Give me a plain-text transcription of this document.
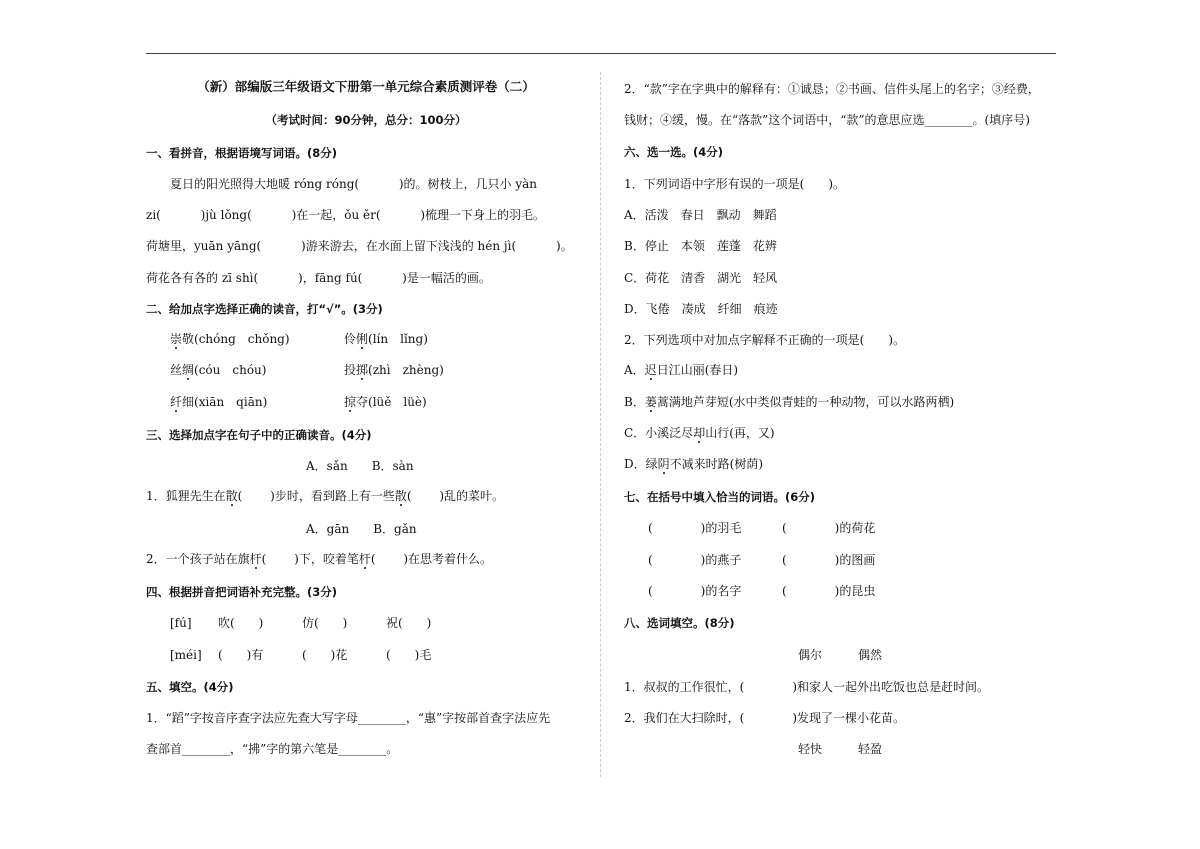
（新）部编版三年级语文下册第一单元综合素质测评卷（二）
（考试时间：90分钟，总分：100分）
一、看拼音，根据语境写词语。(8分)
夏日的阳光照得大地暖 róng róng(　　　 )的。树枝上，几只小 yàn
zi(　　　 )jù lǒng(　　　 )在一起，ǒu ěr(　　　 )梳理一下身上的羽毛。
荷塘里，yuān yāng(　　　 )游来游去，在水面上留下浅浅的 hén jì(　　　 )。
荷花各有各的 zī shì(　　　 )，fāng fú(　　　 )是一幅活的画。
二、给加点字选择正确的读音，打“√”。(3分)
崇敬(chóng　chǒng)	伶俐(lín　lǐng)
丝绸(cóu　chóu)	投掷(zhì　zhèng)
纤细(xiān　qiān)	掠夺(lüě　lüè)
三、选择加点字在句子中的正确读音。(4分)
A．sǎn　　B．sàn
1．狐狸先生在散(　　 )步时，看到路上有一些散(　　 )乱的菜叶。
A．gān　　B．gǎn
2．一个孩子站在旗杆(　　 )下，咬着笔杆(　　 )在思考着什么。
四、根据拼音把词语补充完整。(3分)
[fú] 吹(　　)	仿(　　)	祝(　　)
[méi] (　　)有	(　　)花	(　　)毛
五、填空。(4分)
1．“蹈”字按音序查字法应先查大写字母________，“惠”字按部首查字法应先
查部首________，“拂”字的第六笔是________。
2．“款”字在字典中的解释有：①诚恳；②书画、信件头尾上的名字；③经费，
钱财；④缓，慢。在“落款”这个词语中，“款”的意思应选________。(填序号)
六、选一选。(4分)
1．下列词语中字形有误的一项是(　　)。
A．活泼　春日　飘动　舞蹈
B．停止　本领　莲蓬　花辨
C．荷花　清香　湖光　轻风
D．飞倦　凑成　纤细　痕迹
2．下列选项中对加点字解释不正确的一项是(　　)。
A．迟日江山丽(春日)
B．蒌蒿满地芦芽短(水中类似青蛙的一种动物，可以水路两栖)
C．小溪泛尽却山行(再，又)
D．绿阴不减来时路(树荫)
七、在括号中填入恰当的词语。(6分)
(　　　　)的羽毛	(　　　　)的荷花
(　　　　)的燕子	(　　　　)的图画
(　　　　)的名字	(　　　　)的昆虫
八、选词填空。(8分)
偶尔　　　偶然
1．叔叔的工作很忙，(　　　　)和家人一起外出吃饭也总是赶时间。
2．我们在大扫除时，(　　　　)发现了一棵小花苗。
轻快　　　轻盈
